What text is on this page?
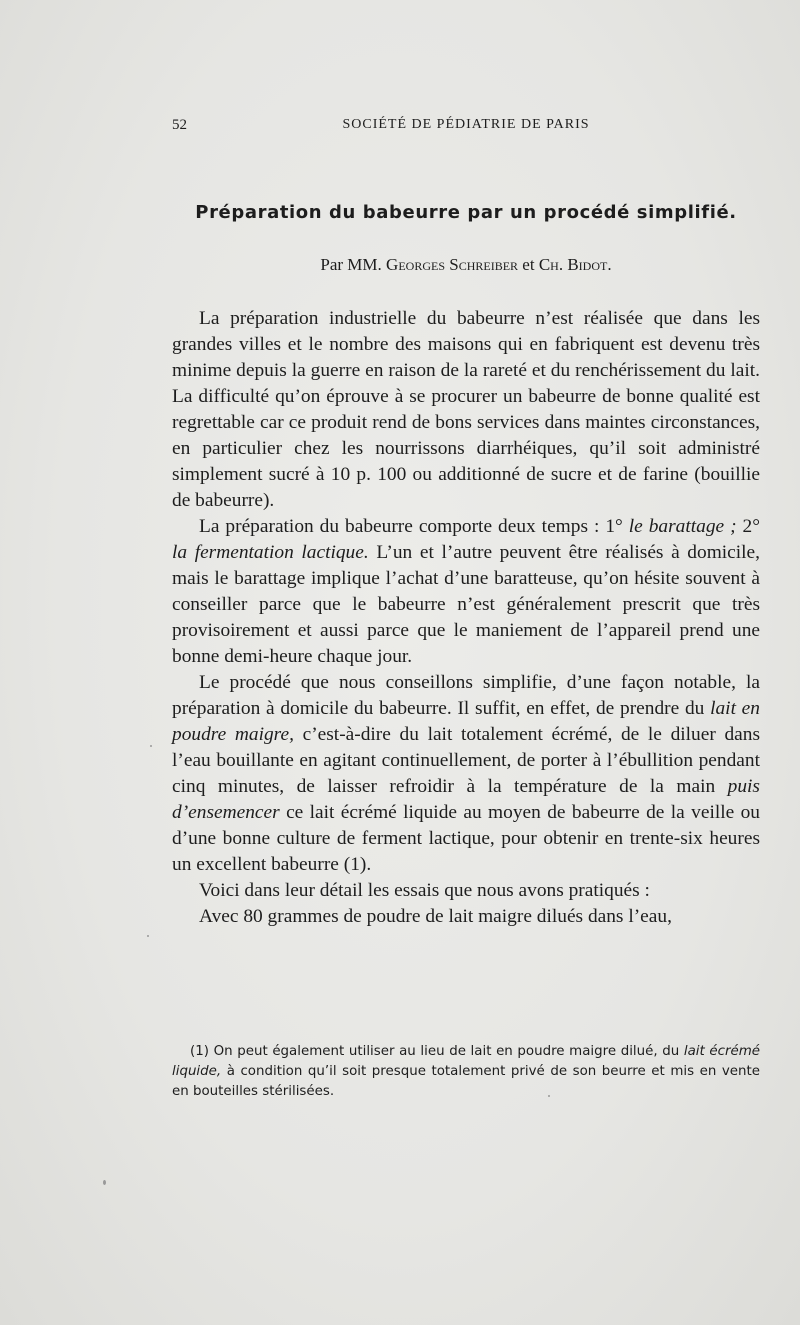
52	SOCIÉTÉ DE PÉDIATRIE DE PARIS
Préparation du babeurre par un procédé simplifié.
Par MM. Georges Schreiber et Ch. Bidot.

La préparation industrielle du babeurre n’est réalisée que dans les grandes villes et le nombre des maisons qui en fabriquent est devenu très minime depuis la guerre en raison de la rareté et du renchérissement du lait. La difficulté qu’on éprouve à se procurer un babeurre de bonne qualité est regrettable car ce produit rend de bons services dans maintes circonstances, en particulier chez les nourrissons diarrhéiques, qu’il soit administré simplement sucré à 10 p. 100 ou additionné de sucre et de farine (bouillie de babeurre).

La préparation du babeurre comporte deux temps : 1° le barattage ; 2° la fermentation lactique. L’un et l’autre peuvent être réalisés à domicile, mais le barattage implique l’achat d’une baratteuse, qu’on hésite souvent à conseiller parce que le babeurre n’est généralement prescrit que très provisoirement et aussi parce que le maniement de l’appareil prend une bonne demi-heure chaque jour.

Le procédé que nous conseillons simplifie, d’une façon notable, la préparation à domicile du babeurre. Il suffit, en effet, de prendre du lait en poudre maigre, c’est-à-dire du lait totalement écrémé, de le diluer dans l’eau bouillante en agitant continuellement, de porter à l’ébullition pendant cinq minutes, de laisser refroidir à la température de la main puis d’ensemencer ce lait écrémé liquide au moyen de babeurre de la veille ou d’une bonne culture de ferment lactique, pour obtenir en trente-six heures un excellent babeurre (1).

Voici dans leur détail les essais que nous avons pratiqués :

Avec 80 grammes de poudre de lait maigre dilués dans l’eau,

(1) On peut également utiliser au lieu de lait en poudre maigre dilué, du lait écrémé liquide, à condition qu’il soit presque totalement privé de son beurre et mis en vente en bouteilles stérilisées.
